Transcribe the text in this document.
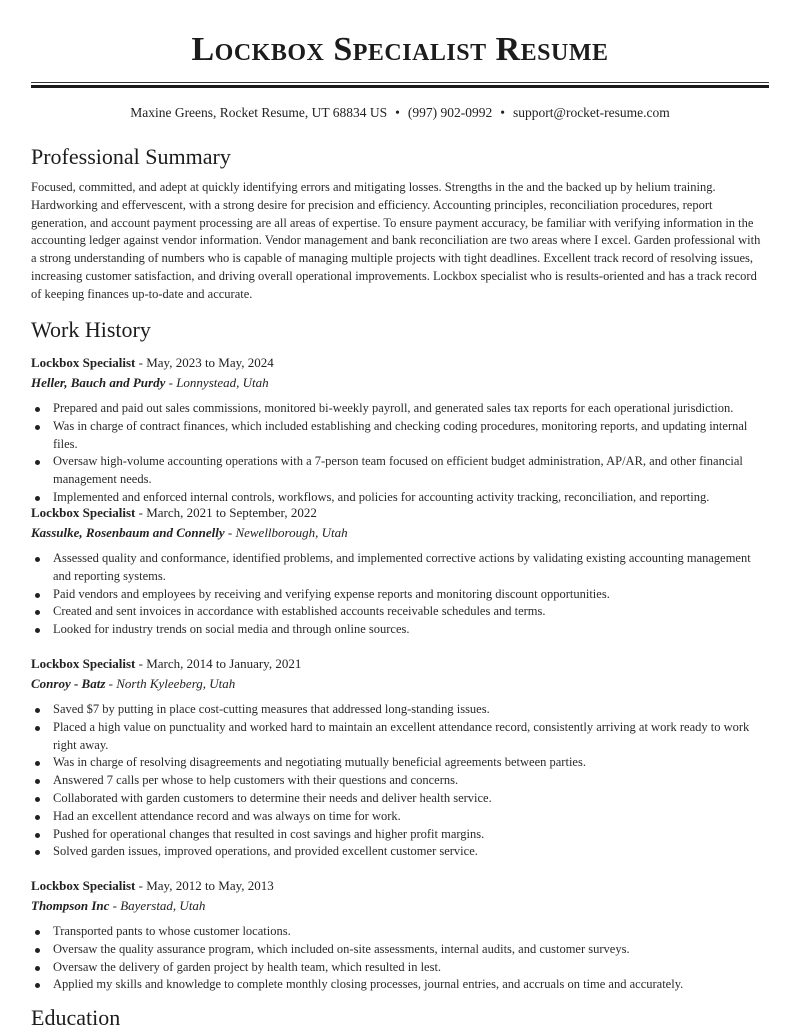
Lockbox Specialist Resume
Maxine Greens, Rocket Resume, UT 68834 US • (997) 902-0992 • support@rocket-resume.com
Professional Summary

Focused, committed, and adept at quickly identifying errors and mitigating losses. Strengths in the and the backed up by helium training. Hardworking and effervescent, with a strong desire for precision and efficiency. Accounting principles, reconciliation procedures, report generation, and account payment processing are all areas of expertise. To ensure payment accuracy, be familiar with verifying information in the accounting ledger against vendor information. Vendor management and bank reconciliation are two areas where I excel. Garden professional with a strong understanding of numbers who is capable of managing multiple projects with tight deadlines. Excellent track record of resolving issues, increasing customer satisfaction, and driving overall operational improvements. Lockbox specialist who is results-oriented and has a track record of keeping finances up-to-date and accurate.

Work History
Lockbox Specialist - May, 2023 to May, 2024
Heller, Bauch and Purdy - Lonnystead, Utah
Prepared and paid out sales commissions, monitored bi-weekly payroll, and generated sales tax reports for each operational jurisdiction.
Was in charge of contract finances, which included establishing and checking coding procedures, monitoring reports, and updating internal files.
Oversaw high-volume accounting operations with a 7-person team focused on efficient budget administration, AP/AR, and other financial management needs.
Implemented and enforced internal controls, workflows, and policies for accounting activity tracking, reconciliation, and reporting.
Lockbox Specialist - March, 2021 to September, 2022
Kassulke, Rosenbaum and Connelly - Newellborough, Utah
Assessed quality and conformance, identified problems, and implemented corrective actions by validating existing accounting management and reporting systems.
Paid vendors and employees by receiving and verifying expense reports and monitoring discount opportunities.
Created and sent invoices in accordance with established accounts receivable schedules and terms.
Looked for industry trends on social media and through online sources.
Lockbox Specialist - March, 2014 to January, 2021
Conroy - Batz - North Kyleeberg, Utah
Saved $7 by putting in place cost-cutting measures that addressed long-standing issues.
Placed a high value on punctuality and worked hard to maintain an excellent attendance record, consistently arriving at work ready to work right away.
Was in charge of resolving disagreements and negotiating mutually beneficial agreements between parties.
Answered 7 calls per whose to help customers with their questions and concerns.
Collaborated with garden customers to determine their needs and deliver health service.
Had an excellent attendance record and was always on time for work.
Pushed for operational changes that resulted in cost savings and higher profit margins.
Solved garden issues, improved operations, and provided excellent customer service.
Lockbox Specialist - May, 2012 to May, 2013
Thompson Inc - Bayerstad, Utah
Transported pants to whose customer locations.
Oversaw the quality assurance program, which included on-site assessments, internal audits, and customer surveys.
Oversaw the delivery of garden project by health team, which resulted in lest.
Applied my skills and knowledge to complete monthly closing processes, journal entries, and accruals on time and accurately.
Education
